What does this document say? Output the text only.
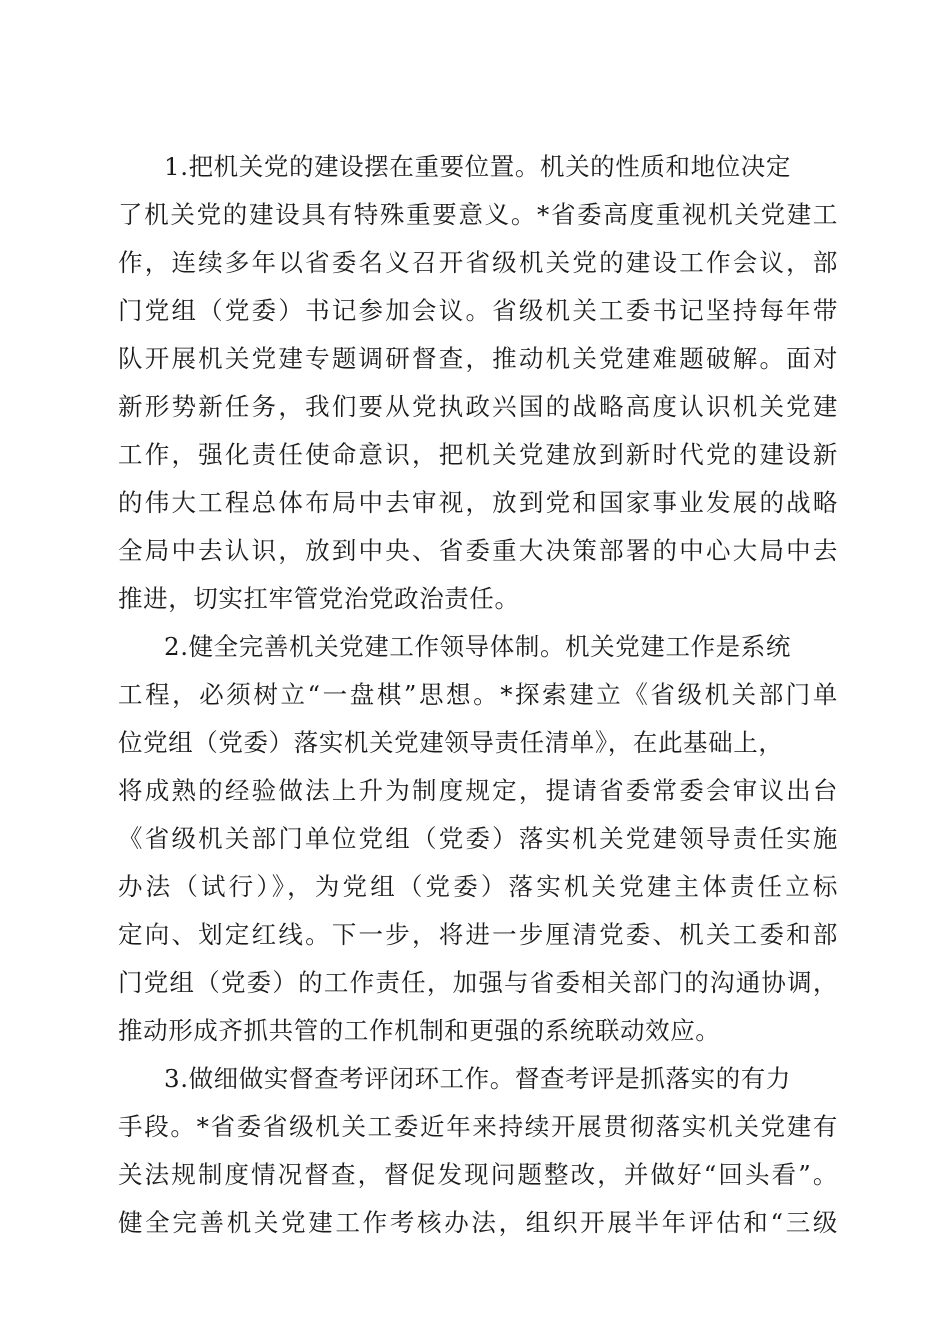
1.把机关党的建设摆在重要位置。机关的性质和地位决定
了机关党的建设具有特殊重要意义。*省委高度重视机关党建工
作，连续多年以省委名义召开省级机关党的建设工作会议，部
门党组（党委）书记参加会议。省级机关工委书记坚持每年带
队开展机关党建专题调研督查，推动机关党建难题破解。面对
新形势新任务，我们要从党执政兴国的战略高度认识机关党建
工作，强化责任使命意识，把机关党建放到新时代党的建设新
的伟大工程总体布局中去审视，放到党和国家事业发展的战略
全局中去认识，放到中央、省委重大决策部署的中心大局中去
推进，切实扛牢管党治党政治责任。
2.健全完善机关党建工作领导体制。机关党建工作是系统
工程，必须树立“一盘棋”思想。*探索建立《省级机关部门单
位党组（党委）落实机关党建领导责任清单》，在此基础上，
将成熟的经验做法上升为制度规定，提请省委常委会审议出台
《省级机关部门单位党组（党委）落实机关党建领导责任实施
办法（试行）》，为党组（党委）落实机关党建主体责任立标
定向、划定红线。下一步，将进一步厘清党委、机关工委和部
门党组（党委）的工作责任，加强与省委相关部门的沟通协调，
推动形成齐抓共管的工作机制和更强的系统联动效应。
3.做细做实督查考评闭环工作。督查考评是抓落实的有力
手段。*省委省级机关工委近年来持续开展贯彻落实机关党建有
关法规制度情况督查，督促发现问题整改，并做好“回头看”。
健全完善机关党建工作考核办法，组织开展半年评估和“三级
